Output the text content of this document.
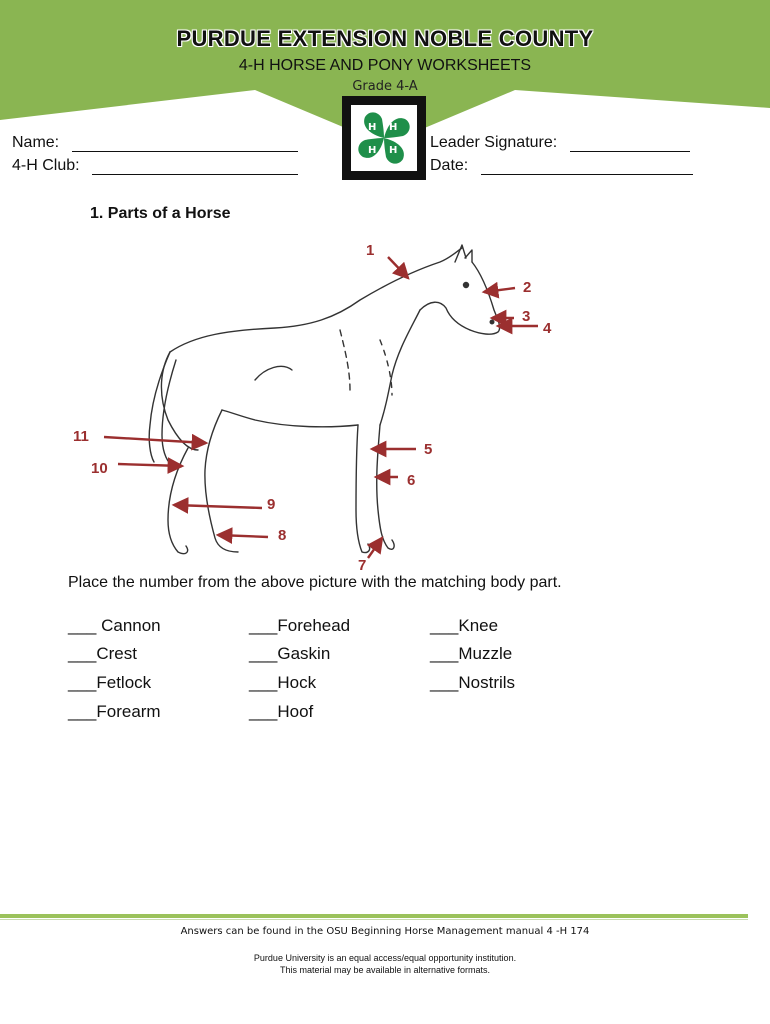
PURDUE EXTENSION NOBLE COUNTY
4-H HORSE AND PONY WORKSHEETS
Grade 4-A
H H
H
H
Name:
4-H Club:
Leader Signature:
Date:
1. Parts of a Horse
1
2
3
4
5
6
7
8
9
10
11
Place the number from the above picture with the matching body part.
___ Cannon
___Crest
___Fetlock
___Forearm
___Forehead
___Gaskin
___Hock
___Hoof
___Knee
___Muzzle
___Nostrils
Answers can be found in the OSU Beginning Horse Management manual 4 -H 174
Purdue University is an equal access/equal opportunity institution.
This material may be available in alternative formats.
